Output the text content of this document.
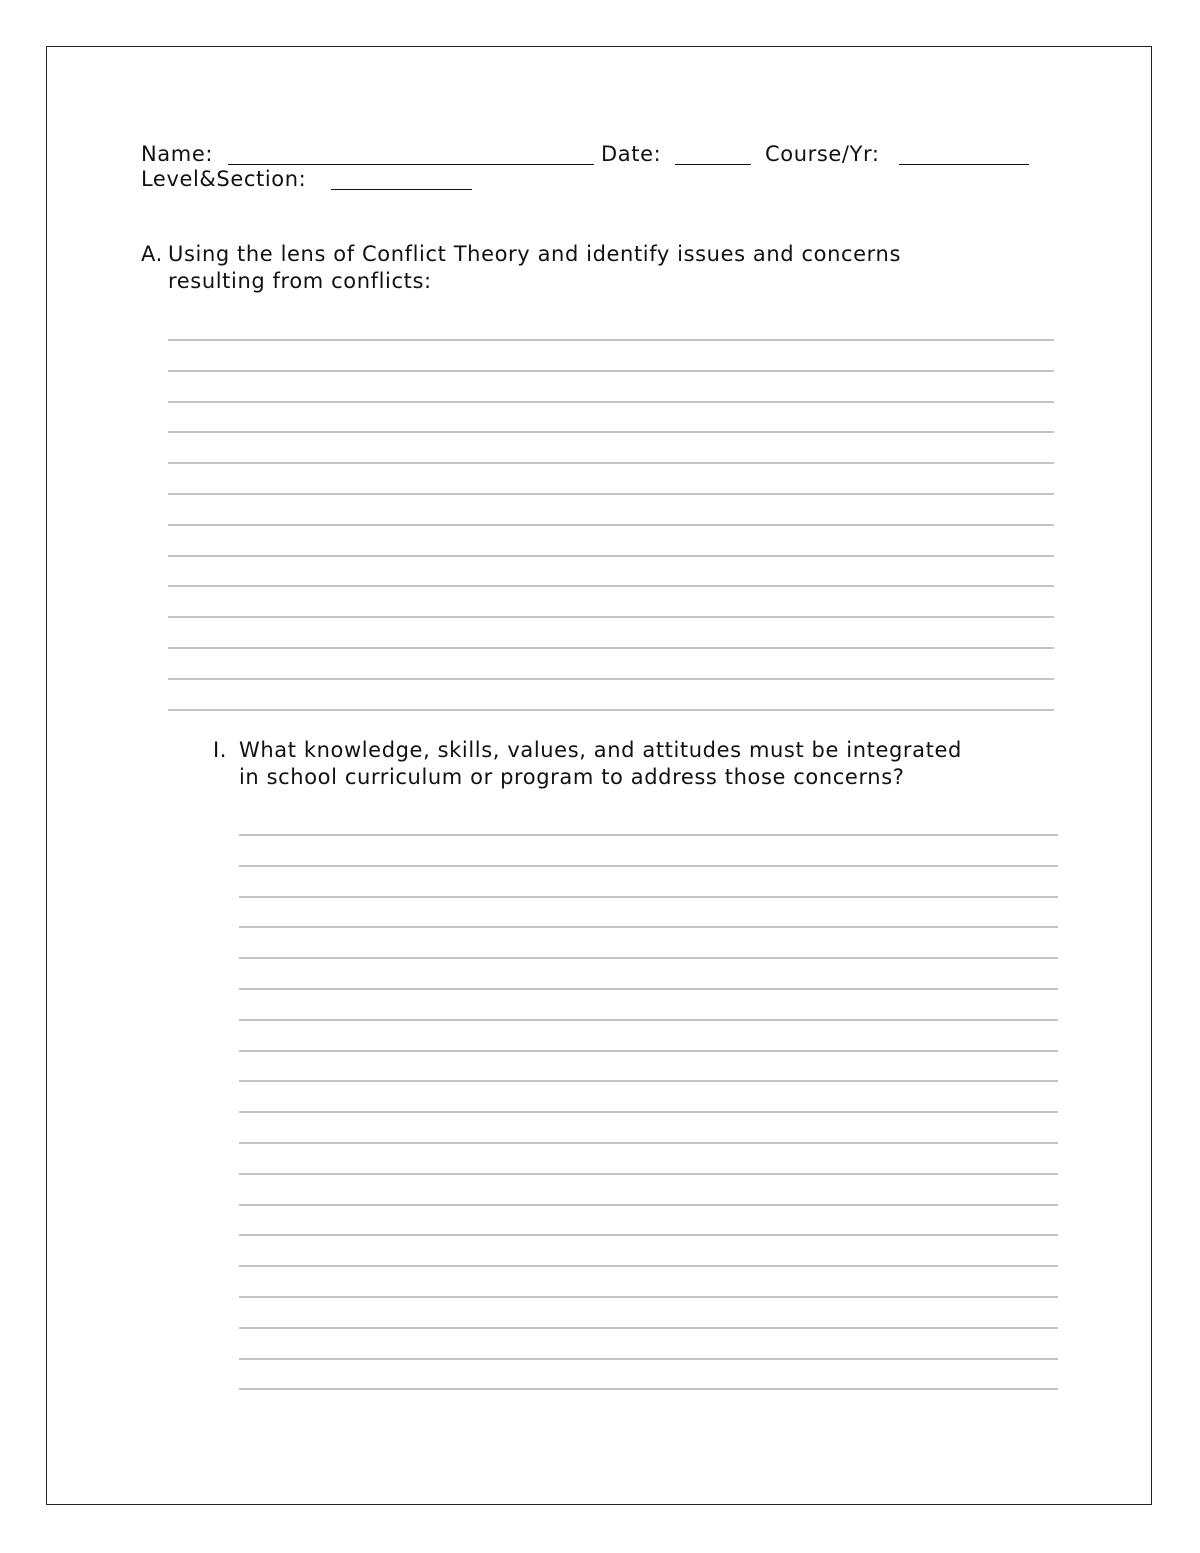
Name:	Date:	Course/Yr:
Level&Section:
A. Using the lens of Conflict Theory and identify issues and concerns
resulting from conflicts:
I. What knowledge, skills, values, and attitudes must be integrated
in school curriculum or program to address those concerns?
